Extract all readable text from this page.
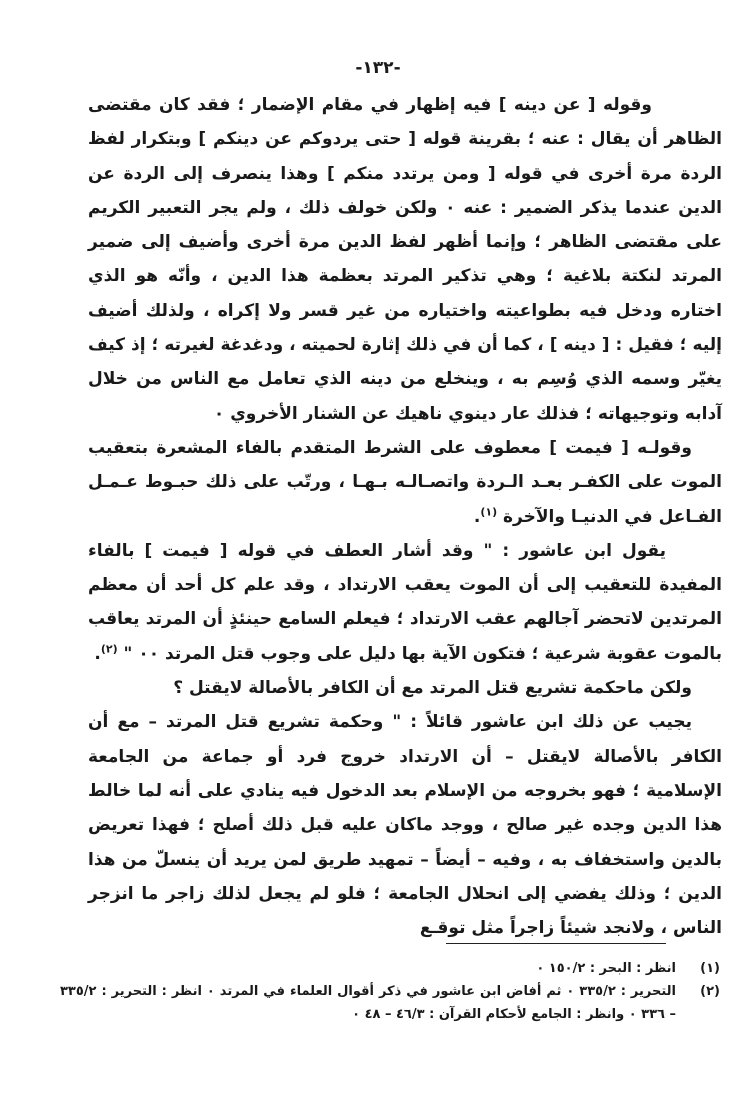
-١٣٢-

وقوله [ عن دينه ] فيه إظهار في مقام الإضمار ؛ فقد كان مقتضى الظاهر أن يقال : عنه ؛ بقرينة قوله [ حتى يردوكم عن دينكم ] وبتكرار لفظ الردة مرة أخرى في قوله [ ومن يرتدد منكم ] وهذا ينصرف إلى الردة عن الدين عندما يذكر الضمير : عنه ٠ ولكن خولف ذلك ، ولم يجر التعبير الكريم على مقتضى الظاهر ؛ وإنما أظهر لفظ الدين مرة أخرى وأضيف إلى ضمير المرتد لنكتة بلاغية ؛ وهي تذكير المرتد بعظمة هذا الدين ، وأنّه هو الذي اختاره ودخل فيه بطواعيته واختياره من غير قسر ولا إكراه ، ولذلك أضيف إليه ؛ فقيل : [ دينه ] ، كما أن في ذلك إثارة لحميته ، ودغدغة لغيرته ؛ إذ كيف يغيّر وسمه الذي وُسِم به ، وينخلع من دينه الذي تعامل مع الناس من خلال آدابه وتوجيهاته ؛ فذلك عار دينوي ناهيك عن الشنار الأخروي ٠

وقولـه [ فيمت ] معطوف على الشرط المتقدم بالفاء المشعرة بتعقيب الموت على الكفـر بعـد الـردة واتصـالـه بـهـا ، ورتّب على ذلك حبـوط عـمـل الفـاعل في الدنيـا والآخرة $^{(١)}$.

يقول ابن عاشور : " وقد أشار العطف في قوله [ فيمت ] بالفاء المفيدة للتعقيب إلى أن الموت يعقب الارتداد ، وقد علم كل أحد أن معظم المرتدين لاتحضر آجالهم عقب الارتداد ؛ فيعلم السامع حينئذٍ أن المرتد يعاقب بالموت عقوبة شرعية ؛ فتكون الآية بها دليل على وجوب قتل المرتد ٠٠ " $^{(٢)}$.

ولكن ماحكمة تشريع قتل المرتد مع أن الكافر بالأصالة لايقتل ؟

يجيب عن ذلك ابن عاشور قائلاً : " وحكمة تشريع قتل المرتد – مع أن الكافر بالأصالة لايقتل – أن الارتداد خروج فرد أو جماعة من الجامعة الإسلامية ؛ فهو بخروجه من الإسلام بعد الدخول فيه ينادي على أنه لما خالط هذا الدين وجده غير صالح ، ووجد ماكان عليه قبل ذلك أصلح ؛ فهذا تعريض بالدين واستخفاف به ، وفيه – أيضاً – تمهيد طريق لمن يريد أن ينسلّ من هذا الدين ؛ وذلك يفضي إلى انحلال الجامعة ؛ فلو لم يجعل لذلك زاجر ما انزجر الناس ، ولانجد شيئاً زاجراً مثل توقـع

(١)
انظر : البحر : ١٥٠/٢ ٠
(٢)
التحرير : ٣٣٥/٢ ٠ ثم أفاض ابن عاشور في ذكر أقوال العلماء في المرتد ٠ انظر : التحرير : ٣٣٥/٢ – ٣٣٦ ٠ وانظر : الجامع لأحكام القرآن : ٤٦/٣ – ٤٨ ٠
